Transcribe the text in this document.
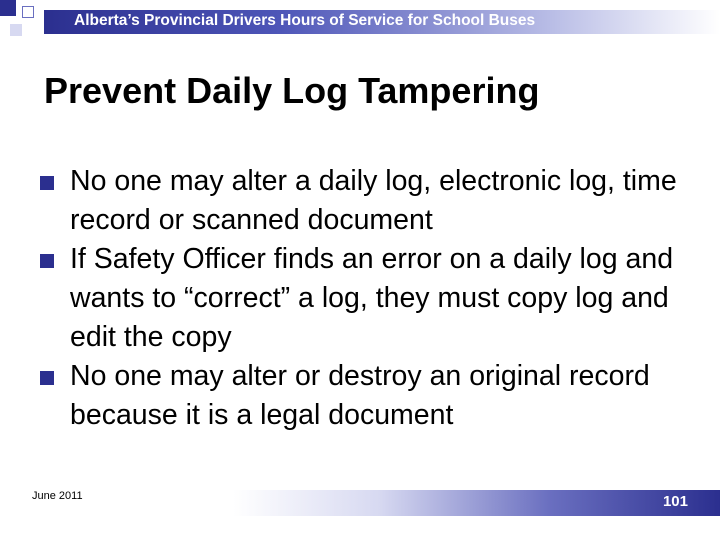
Alberta’s Provincial Drivers Hours of Service for School Buses
Prevent Daily Log Tampering
No one may alter a daily log, electronic log, time record or scanned document
If Safety Officer finds an error on a daily log and wants to “correct” a log, they must copy log and edit the copy
No one may alter or destroy an original record because it is a legal document
June 2011	101
